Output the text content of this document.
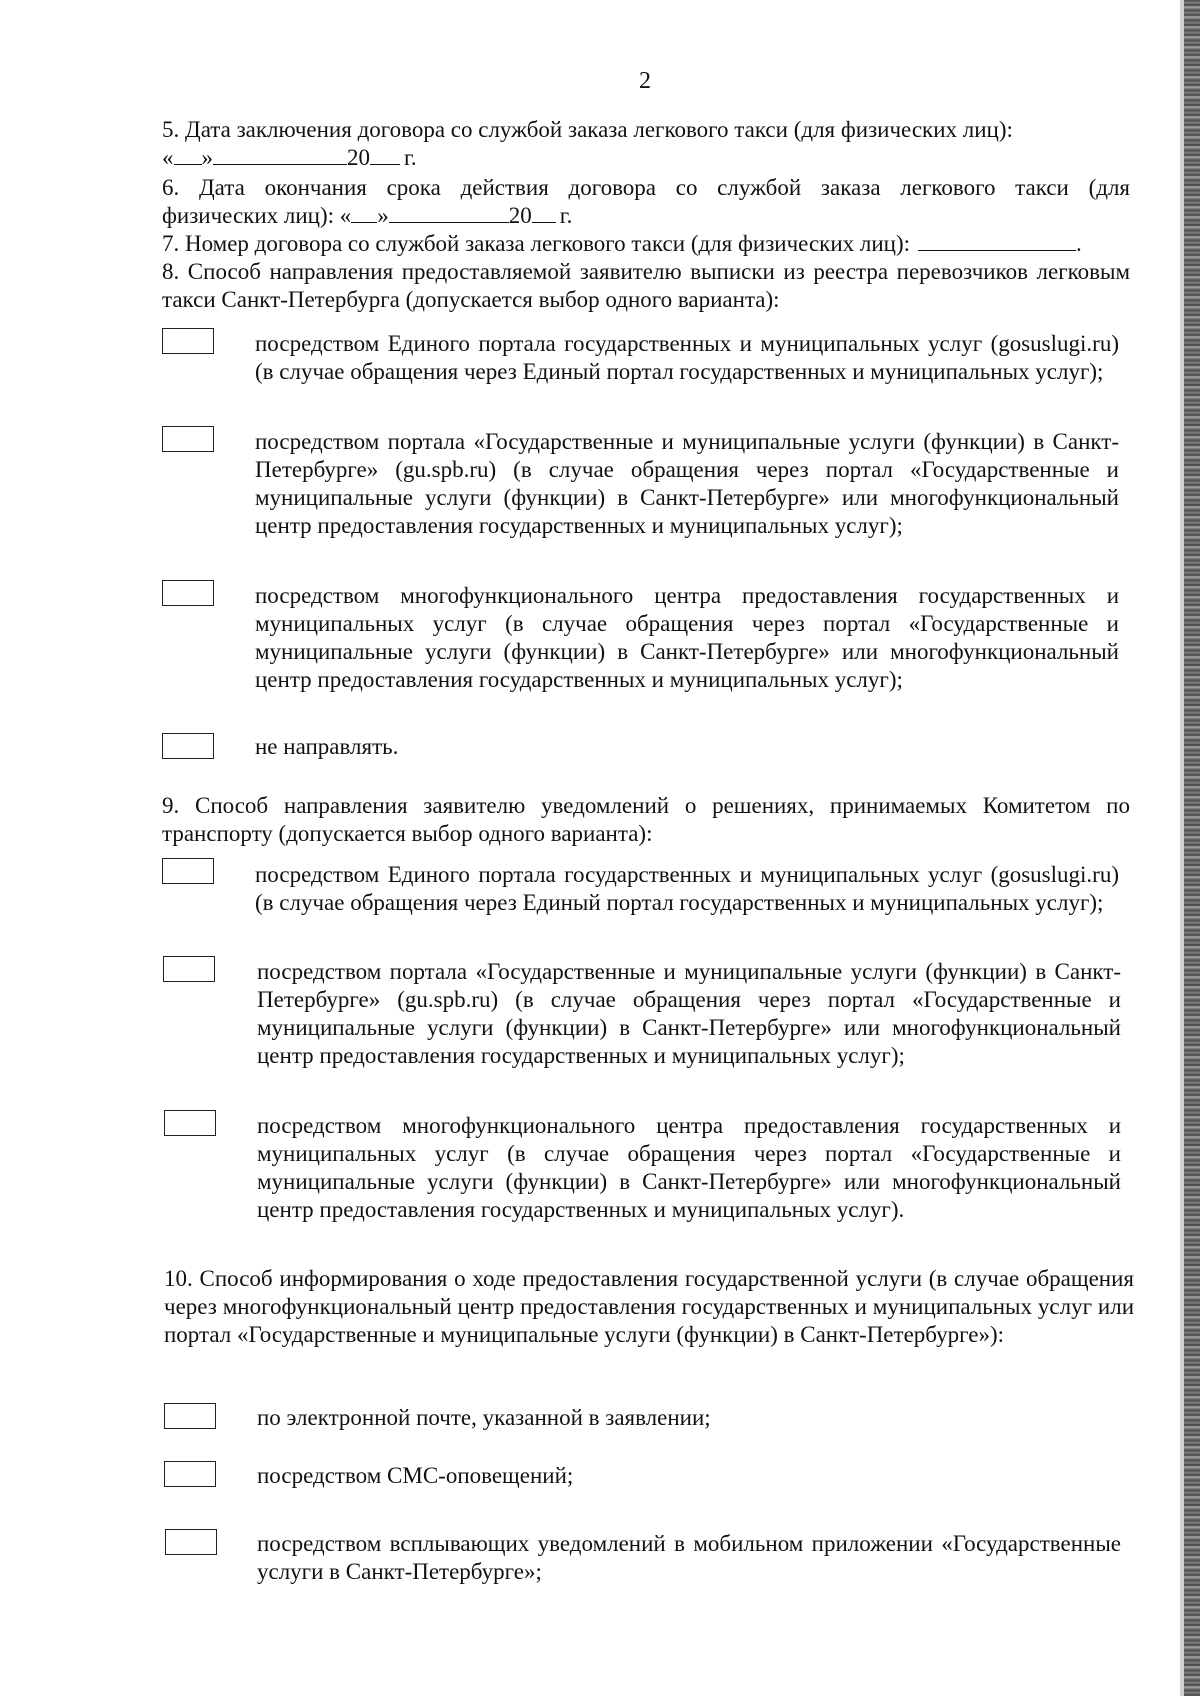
2
5. Дата заключения договора со службой заказа легкового такси (для физических лиц):
« »	20 г.
6. Дата окончания срока действия договора со службой заказа легкового такси (для
физических лиц): « »	20 г.
7. Номер договора со службой заказа легкового такси (для физических лиц):	.
8. Способ направления предоставляемой заявителю выписки из реестра перевозчиков легковым такси Санкт-Петербурга (допускается выбор одного варианта):
посредством Единого портала государственных и муниципальных услуг (gosuslugi.ru) (в случае обращения через Единый портал государственных и муниципальных услуг);
посредством портала «Государственные и муниципальные услуги (функции) в Санкт-Петербурге» (gu.spb.ru) (в случае обращения через портал «Государственные и муниципальные услуги (функции) в Санкт-Петербурге» или многофункциональный центр предоставления государственных и муниципальных услуг);
посредством многофункционального центра предоставления государственных и муниципальных услуг (в случае обращения через портал «Государственные и муниципальные услуги (функции) в Санкт-Петербурге» или многофункциональный центр предоставления государственных и муниципальных услуг);
не направлять.
9. Способ направления заявителю уведомлений о решениях, принимаемых Комитетом по транспорту (допускается выбор одного варианта):
посредством Единого портала государственных и муниципальных услуг (gosuslugi.ru) (в случае обращения через Единый портал государственных и муниципальных услуг);
посредством портала «Государственные и муниципальные услуги (функции) в Санкт-Петербурге» (gu.spb.ru) (в случае обращения через портал «Государственные и муниципальные услуги (функции) в Санкт-Петербурге» или многофункциональный центр предоставления государственных и муниципальных услуг);
посредством многофункционального центра предоставления государственных и муниципальных услуг (в случае обращения через портал «Государственные и муниципальные услуги (функции) в Санкт-Петербурге» или многофункциональный центр предоставления государственных и муниципальных услуг).
10. Способ информирования о ходе предоставления государственной услуги (в случае обращения через многофункциональный центр предоставления государственных и муниципальных услуг или портал «Государственные и муниципальные услуги (функции) в Санкт-Петербурге»):
по электронной почте, указанной в заявлении;
посредством СМС-оповещений;
посредством всплывающих уведомлений в мобильном приложении «Государственные услуги в Санкт-Петербурге»;
